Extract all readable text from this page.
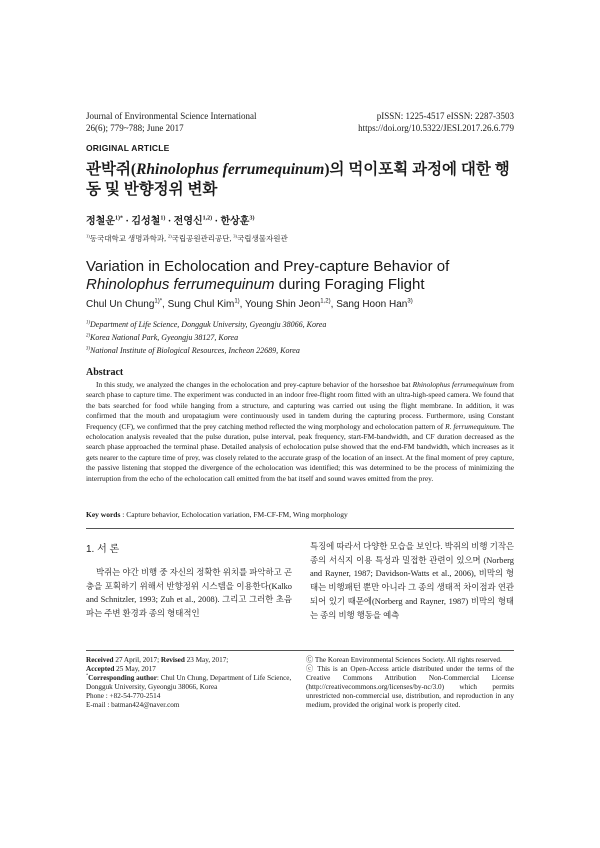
Journal of Environmental Science International
26(6); 779~788; June 2017
pISSN: 1225-4517 eISSN: 2287-3503
https://doi.org/10.5322/JESI.2017.26.6.779
ORIGINAL ARTICLE
관박쥐(Rhinolophus ferrumequinum)의 먹이포획 과정에 대한 행동 및 반향정위 변화
정철운$^{1)*}$ · 김성철$^{1)}$ · 전영신$^{1,2)}$ · 한상훈$^{3)}$
$^{1)}$동국대학교 생명과학과, $^{2)}$국립공원관리공단, $^{3)}$국립생물자원관
Variation in Echolocation and Prey-capture Behavior of
Rhinolophus ferrumequinum during Foraging Flight
Chul Un Chung$^{1)*}$, Sung Chul Kim$^{1)}$, Young Shin Jeon$^{1,2)}$, Sang Hoon Han$^{3)}$
$^{1)}$Department of Life Science, Dongguk University, Gyeongju 38066, Korea
$^{2)}$Korea National Park, Gyeongju 38127, Korea
$^{3)}$National Institute of Biological Resources, Incheon 22689, Korea
Abstract
In this study, we analyzed the changes in the echolocation and prey-capture behavior of the horseshoe bat Rhinolophus ferrumequinum from search phase to capture time. The experiment was conducted in an indoor free-flight room fitted with an ultra-high-speed camera. We found that the bats searched for food while hanging from a structure, and capturing was carried out using the flight membrane. In addition, it was confirmed that the mouth and uropatagium were continuously used in tandem during the capturing process. Furthermore, using Constant Frequency (CF), we confirmed that the prey catching method reflected the wing morphology and echolocation pattern of R. ferrumequinum. The echolocation analysis revealed that the pulse duration, pulse interval, peak frequency, start-FM-bandwidth, and CF duration decreased as the search phase approached the terminal phase. Detailed analysis of echolocation pulse showed that the end-FM bandwidth, which increases as it gets nearer to the capture time of prey, was closely related to the accurate grasp of the location of an insect. At the final moment of prey capture, the passive listening that stopped the divergence of the echolocation was identified; this was determined to be the process of minimizing the interruption from the echo of the echolocation call emitted from the bat itself and sound waves emitted from the prey.
Key words : Capture behavior, Echolocation variation, FM-CF-FM, Wing morphology
1. 서 론
박쥐는 야간 비행 중 자신의 정확한 위치를 파악하고 곤충을 포획하기 위해서 반향정위 시스템을 이용한다(Kalko and Schnitzler, 1993; Zuh et al., 2008). 그리고 그러한 초음파는 주변 환경과 종의 형태적인
특징에 따라서 다양한 모습을 보인다. 박쥐의 비행 기작은 종의 서식지 이용 특성과 밀접한 관련이 있으며 (Norberg and Rayner, 1987; Davidson-Watts et al., 2006), 비막의 형태는 비행패턴 뿐만 아니라 그 종의 생태적 차이점과 연관되어 있기 때문에(Norberg and Rayner, 1987) 비막의 형태는 종의 비행 행동을 예측
Received 27 April, 2017; Revised 23 May, 2017;
Accepted 25 May, 2017
*Corresponding author: Chul Un Chung, Department of Life Science, Dongguk University, Gyeongju 38066, Korea
Phone : +82-54-770-2514
E-mail : batman424@naver.com
Ⓒ The Korean Environmental Sciences Society. All rights reserved.
ⓒ This is an Open-Access article distributed under the terms of the Creative Commons Attribution Non-Commercial License (http://creativecommons.org/licenses/by-nc/3.0) which permits unrestricted non-commercial use, distribution, and reproduction in any medium, provided the original work is properly cited.
